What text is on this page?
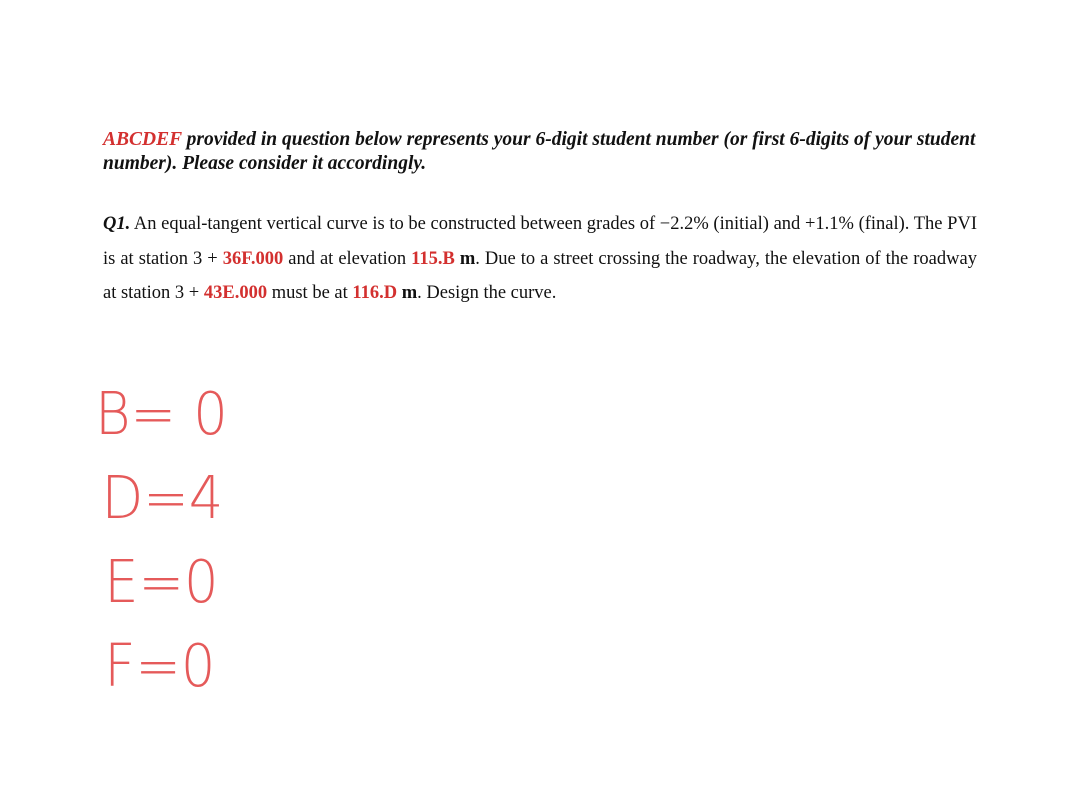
ABCDEF provided in question below represents your 6-digit student number (or first 6-digits of your student number). Please consider it accordingly.

Q1. An equal-tangent vertical curve is to be constructed between grades of −2.2% (initial) and +1.1% (final). The PVI is at station 3 + 36F.000 and at elevation 115.B m. Due to a street crossing the roadway, the elevation of the roadway at station 3 + 43E.000 must be at 116.D m. Design the curve.

B= 0
D=4
E=0
F=0
